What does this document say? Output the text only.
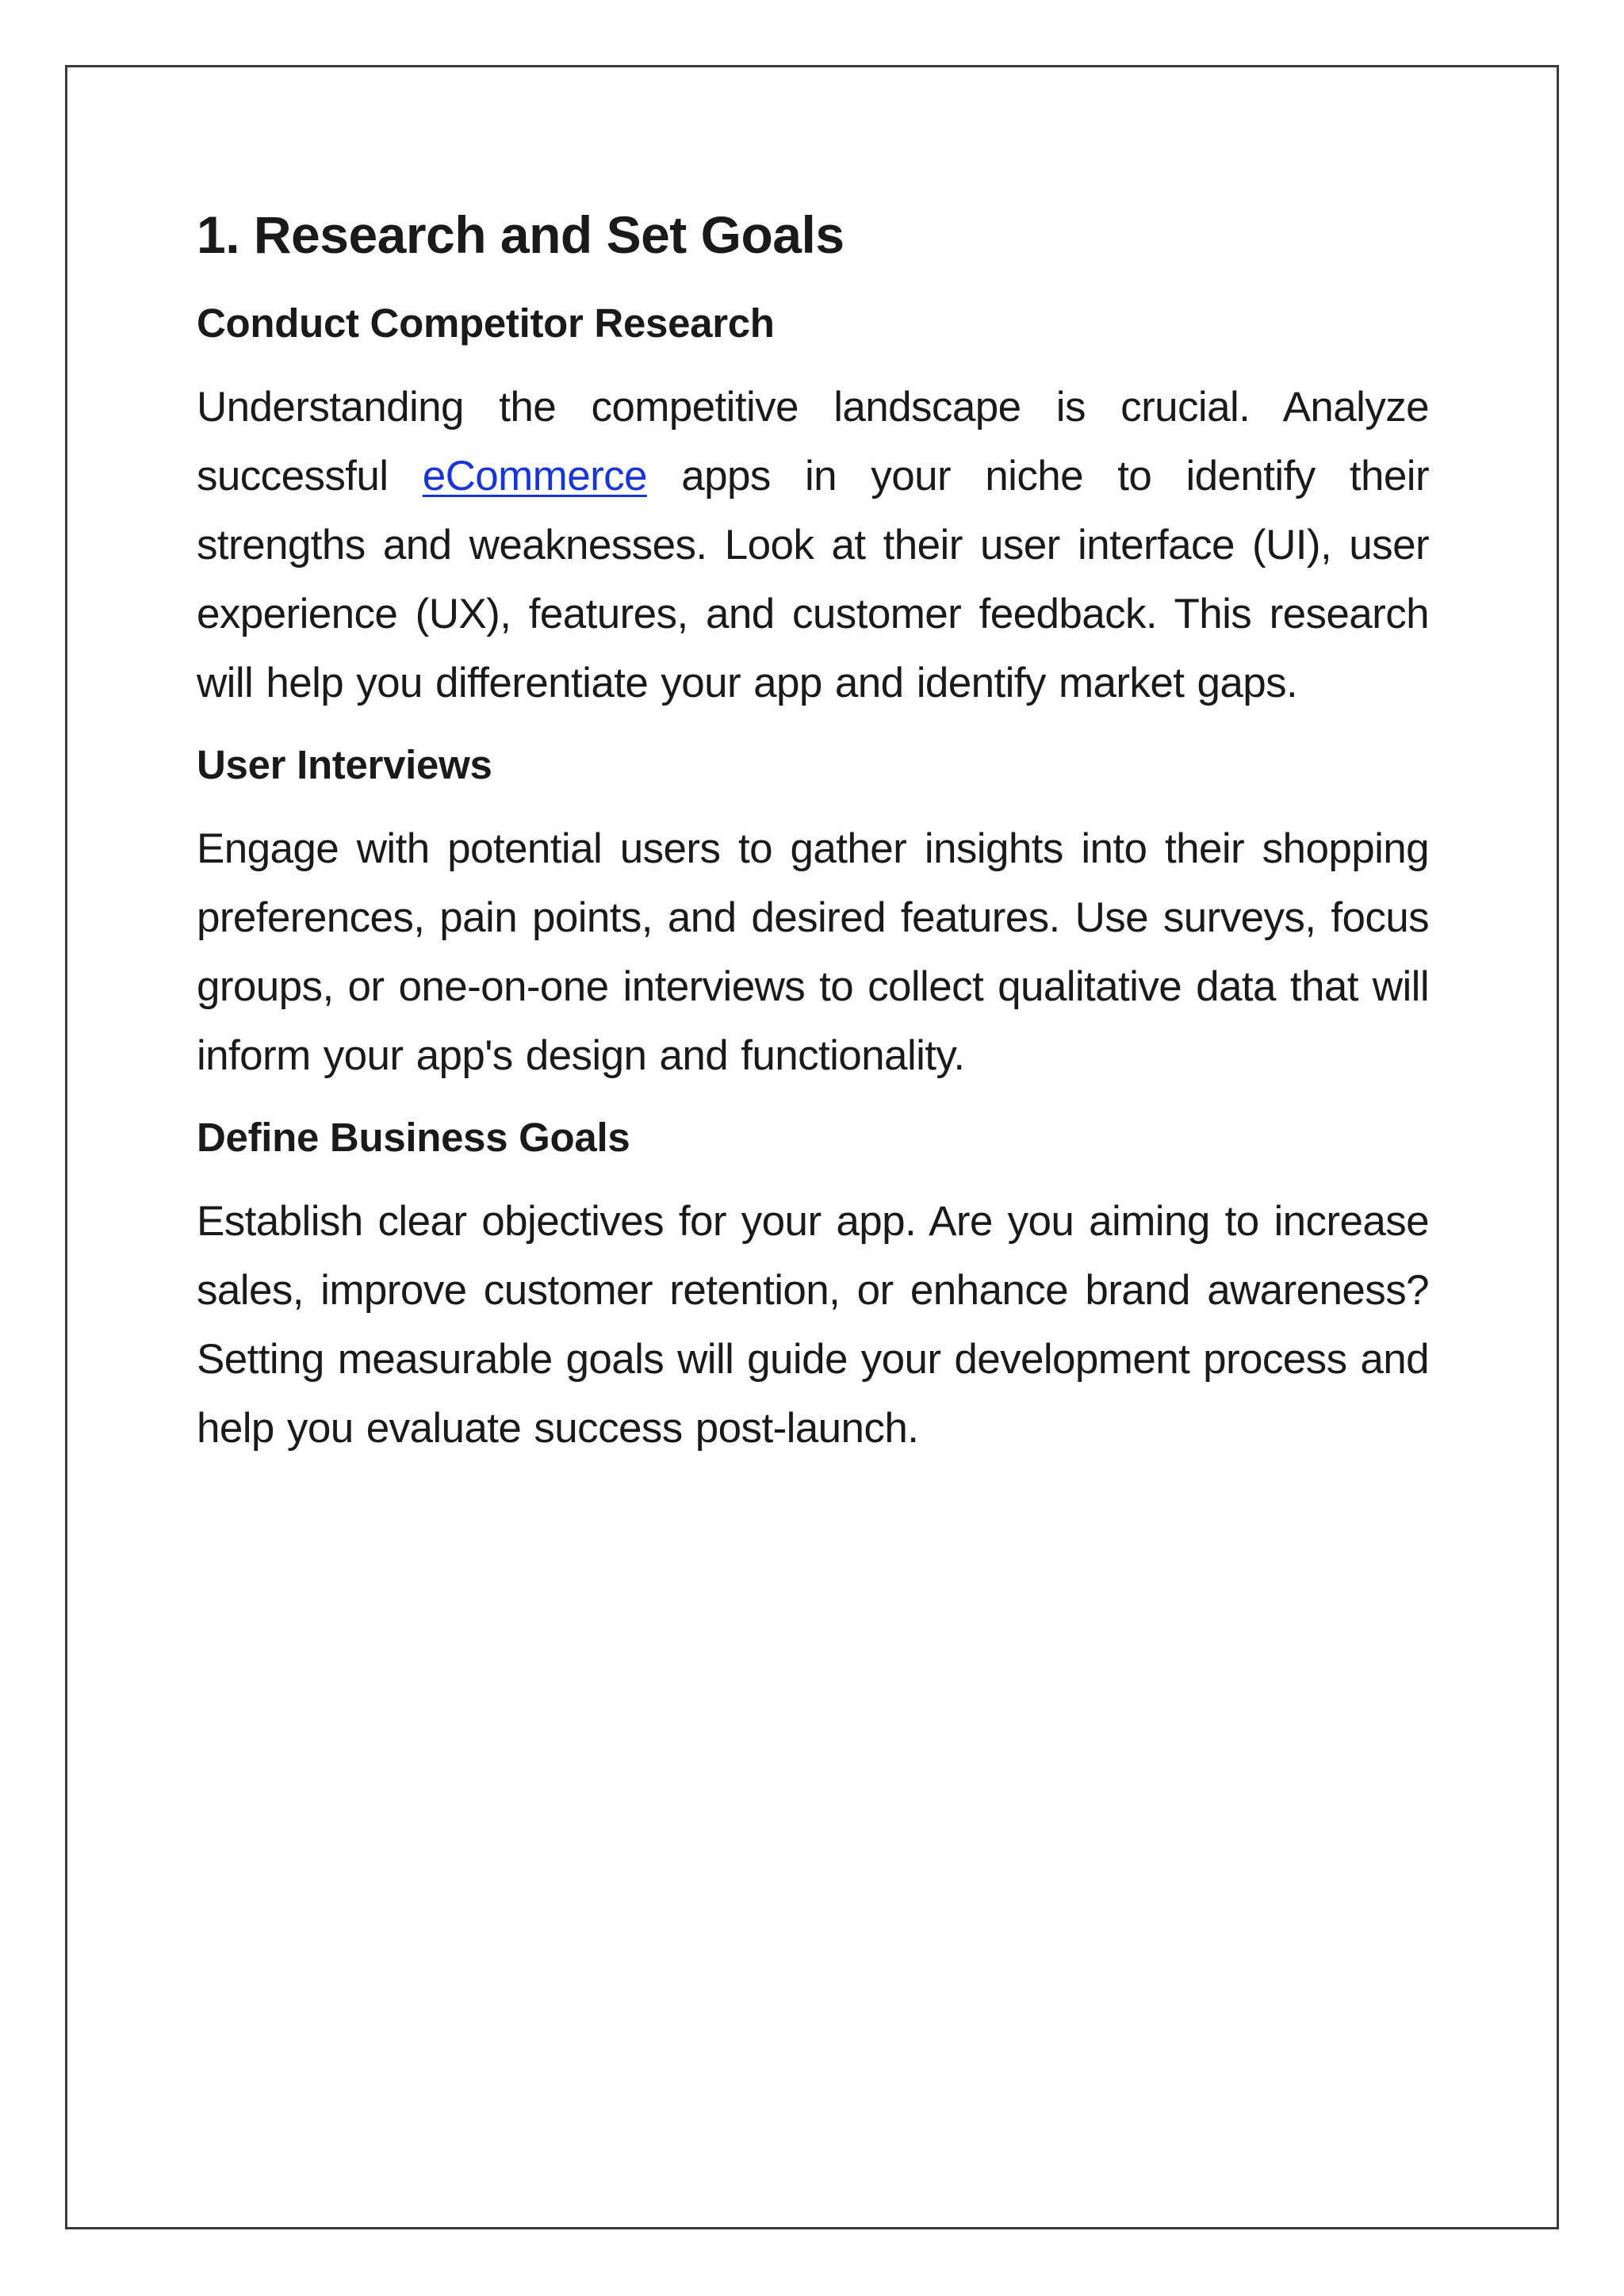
1. Research and Set Goals
Conduct Competitor Research

Understanding the competitive landscape is crucial. Analyze successful eCommerce apps in your niche to identify their strengths and weaknesses. Look at their user interface (UI), user experience (UX), features, and customer feedback. This research will help you differentiate your app and identify market gaps.

User Interviews

Engage with potential users to gather insights into their shopping preferences, pain points, and desired features. Use surveys, focus groups, or one-on-one interviews to collect qualitative data that will inform your app's design and functionality.

Define Business Goals

Establish clear objectives for your app. Are you aiming to increase sales, improve customer retention, or enhance brand awareness? Setting measurable goals will guide your development process and help you evaluate success post-launch.
